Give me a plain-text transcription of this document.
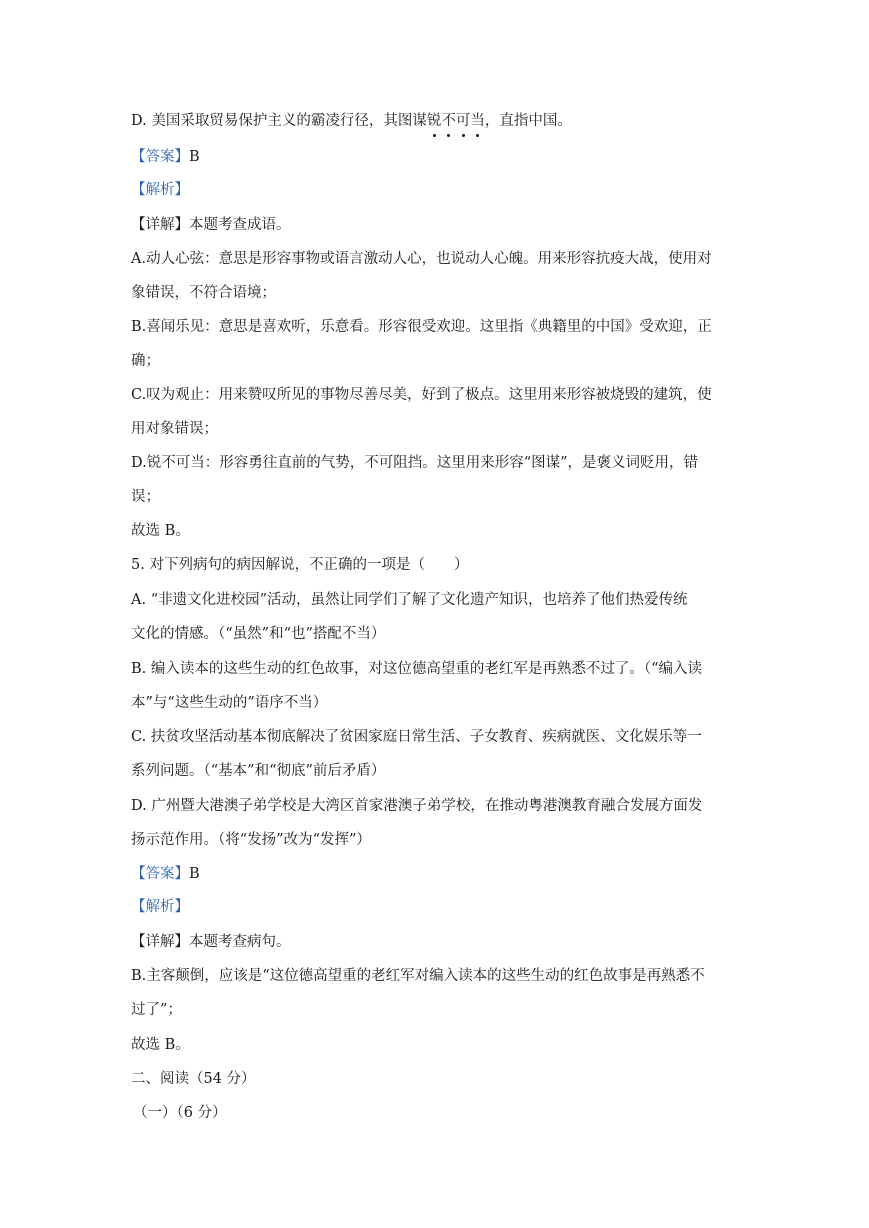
D. 美国采取贸易保护主义的霸凌行径，其图谋锐不可当，直指中国。
【答案】B
【解析】
【详解】本题考查成语。
A.动人心弦：意思是形容事物或语言激动人心，也说动人心魄。用来形容抗疫大战，使用对
象错误，不符合语境；
B.喜闻乐见：意思是喜欢听，乐意看。形容很受欢迎。这里指《典籍里的中国》受欢迎，正
确；
C.叹为观止：用来赞叹所见的事物尽善尽美，好到了极点。这里用来形容被烧毁的建筑，使
用对象错误；
D.锐不可当：形容勇往直前的气势，不可阻挡。这里用来形容“图谋”，是褒义词贬用，错
误；
故选 B。
5. 对下列病句的病因解说，不正确的一项是（　　）
A. “非遗文化进校园”活动，虽然让同学们了解了文化遗产知识，也培养了他们热爱传统
文化的情感。（“虽然”和“也”搭配不当）
B. 编入读本的这些生动的红色故事，对这位德高望重的老红军是再熟悉不过了。（“编入读
本”与“这些生动的”语序不当）
C. 扶贫攻坚活动基本彻底解决了贫困家庭日常生活、子女教育、疾病就医、文化娱乐等一
系列问题。（“基本”和“彻底”前后矛盾）
D. 广州暨大港澳子弟学校是大湾区首家港澳子弟学校，在推动粤港澳教育融合发展方面发
扬示范作用。（将“发扬”改为“发挥”）
【答案】B
【解析】
【详解】本题考查病句。
B.主客颠倒，应该是“这位德高望重的老红军对编入读本的这些生动的红色故事是再熟悉不
过了”；
故选 B。
二、阅读（54 分）
（一）（6 分）
